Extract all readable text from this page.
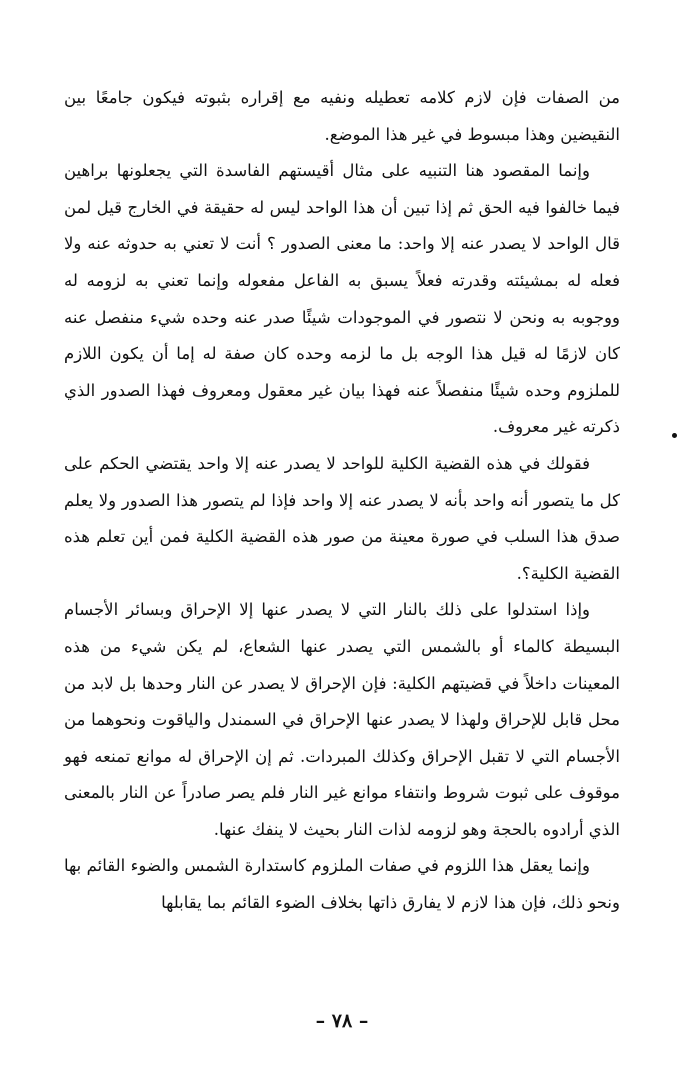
من الصفات فإن لازم كلامه تعطيله ونفيه مع إقراره بثبوته فيكون جامعًا بين النقيضين وهذا مبسوط في غير هذا الموضع.

وإنما المقصود هنا التنبيه على مثال أقيستهم الفاسدة التي يجعلونها براهين فيما خالفوا فيه الحق ثم إذا تبين أن هذا الواحد ليس له حقيقة في الخارج قيل لمن قال الواحد لا يصدر عنه إلا واحد: ما معنى الصدور ؟ أنت لا تعني به حدوثه عنه ولا فعله له بمشيئته وقدرته فعلاً يسبق به الفاعل مفعوله وإنما تعني به لزومه له ووجوبه به ونحن لا نتصور في الموجودات شيئًا صدر عنه وحده شيء منفصل عنه كان لازمًا له قيل هذا الوجه بل ما لزمه وحده كان صفة له إما أن يكون اللازم للملزوم وحده شيئًا منفصلاً عنه فهذا بيان غير معقول ومعروف فهذا الصدور الذي ذكرته غير معروف.

فقولك في هذه القضية الكلية للواحد لا يصدر عنه إلا واحد يقتضي الحكم على كل ما يتصور أنه واحد بأنه لا يصدر عنه إلا واحد فإذا لم يتصور هذا الصدور ولا يعلم صدق هذا السلب في صورة معينة من صور هذه القضية الكلية فمن أين تعلم هذه القضية الكلية؟.

وإذا استدلوا على ذلك بالنار التي لا يصدر عنها إلا الإحراق وبسائر الأجسام البسيطة كالماء أو بالشمس التي يصدر عنها الشعاع، لم يكن شيء من هذه المعينات داخلاً في قضيتهم الكلية: فإن الإحراق لا يصدر عن النار وحدها بل لابد من محل قابل للإحراق ولهذا لا يصدر عنها الإحراق في السمندل والياقوت ونحوهما من الأجسام التي لا تقبل الإحراق وكذلك المبردات. ثم إن الإحراق له موانع تمنعه فهو موقوف على ثبوت شروط وانتفاء موانع غير النار فلم يصر صادراً عن النار بالمعنى الذي أرادوه بالحجة وهو لزومه لذات النار بحيث لا ينفك عنها.

وإنما يعقل هذا اللزوم في صفات الملزوم كاستدارة الشمس والضوء القائم بها ونحو ذلك، فإن هذا لازم لا يفارق ذاتها بخلاف الضوء القائم بما يقابلها

– ٧٨ –
